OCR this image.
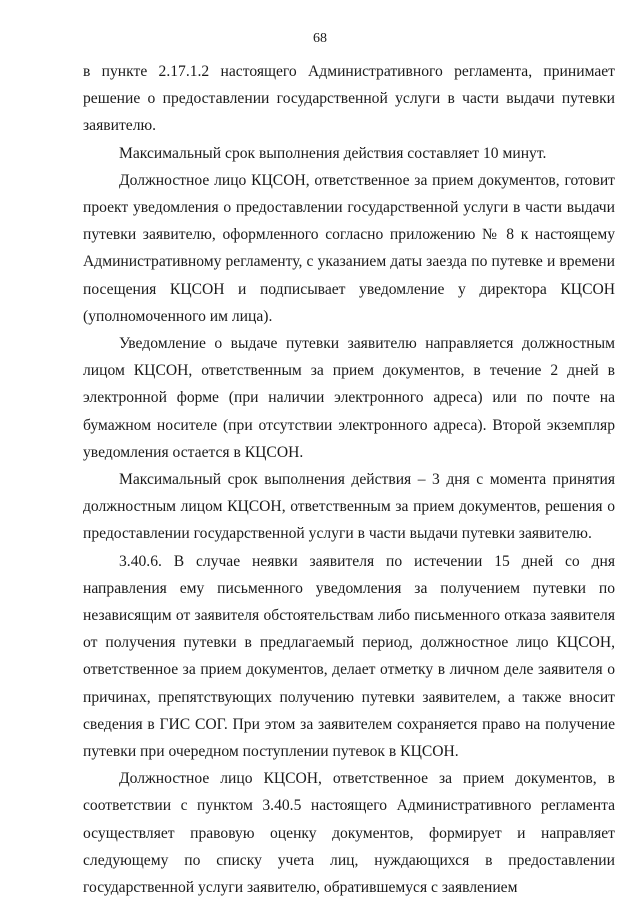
68

в пункте 2.17.1.2 настоящего Административного регламента, принимает решение о предоставлении государственной услуги в части выдачи путевки заявителю.

Максимальный срок выполнения действия составляет 10 минут.

Должностное лицо КЦСОН, ответственное за прием документов, готовит проект уведомления о предоставлении государственной услуги в части выдачи путевки заявителю, оформленного согласно приложению № 8 к настоящему Административному регламенту, с указанием даты заезда по путевке и времени посещения КЦСОН и подписывает уведомление у директора КЦСОН (уполномоченного им лица).

Уведомление о выдаче путевки заявителю направляется должностным лицом КЦСОН, ответственным за прием документов, в течение 2 дней в электронной форме (при наличии электронного адреса) или по почте на бумажном носителе (при отсутствии электронного адреса). Второй экземпляр уведомления остается в КЦСОН.

Максимальный срок выполнения действия – 3 дня с момента принятия должностным лицом КЦСОН, ответственным за прием документов, решения о предоставлении государственной услуги в части выдачи путевки заявителю.

3.40.6. В случае неявки заявителя по истечении 15 дней со дня направления ему письменного уведомления за получением путевки по независящим от заявителя обстоятельствам либо письменного отказа заявителя от получения путевки в предлагаемый период, должностное лицо КЦСОН, ответственное за прием документов, делает отметку в личном деле заявителя о причинах, препятствующих получению путевки заявителем, а также вносит сведения в ГИС СОГ. При этом за заявителем сохраняется право на получение путевки при очередном поступлении путевок в КЦСОН.

Должностное лицо КЦСОН, ответственное за прием документов, в соответствии с пунктом 3.40.5 настоящего Административного регламента осуществляет правовую оценку документов, формирует и направляет следующему по списку учета лиц, нуждающихся в предоставлении государственной услуги заявителю, обратившемуся с заявлением
